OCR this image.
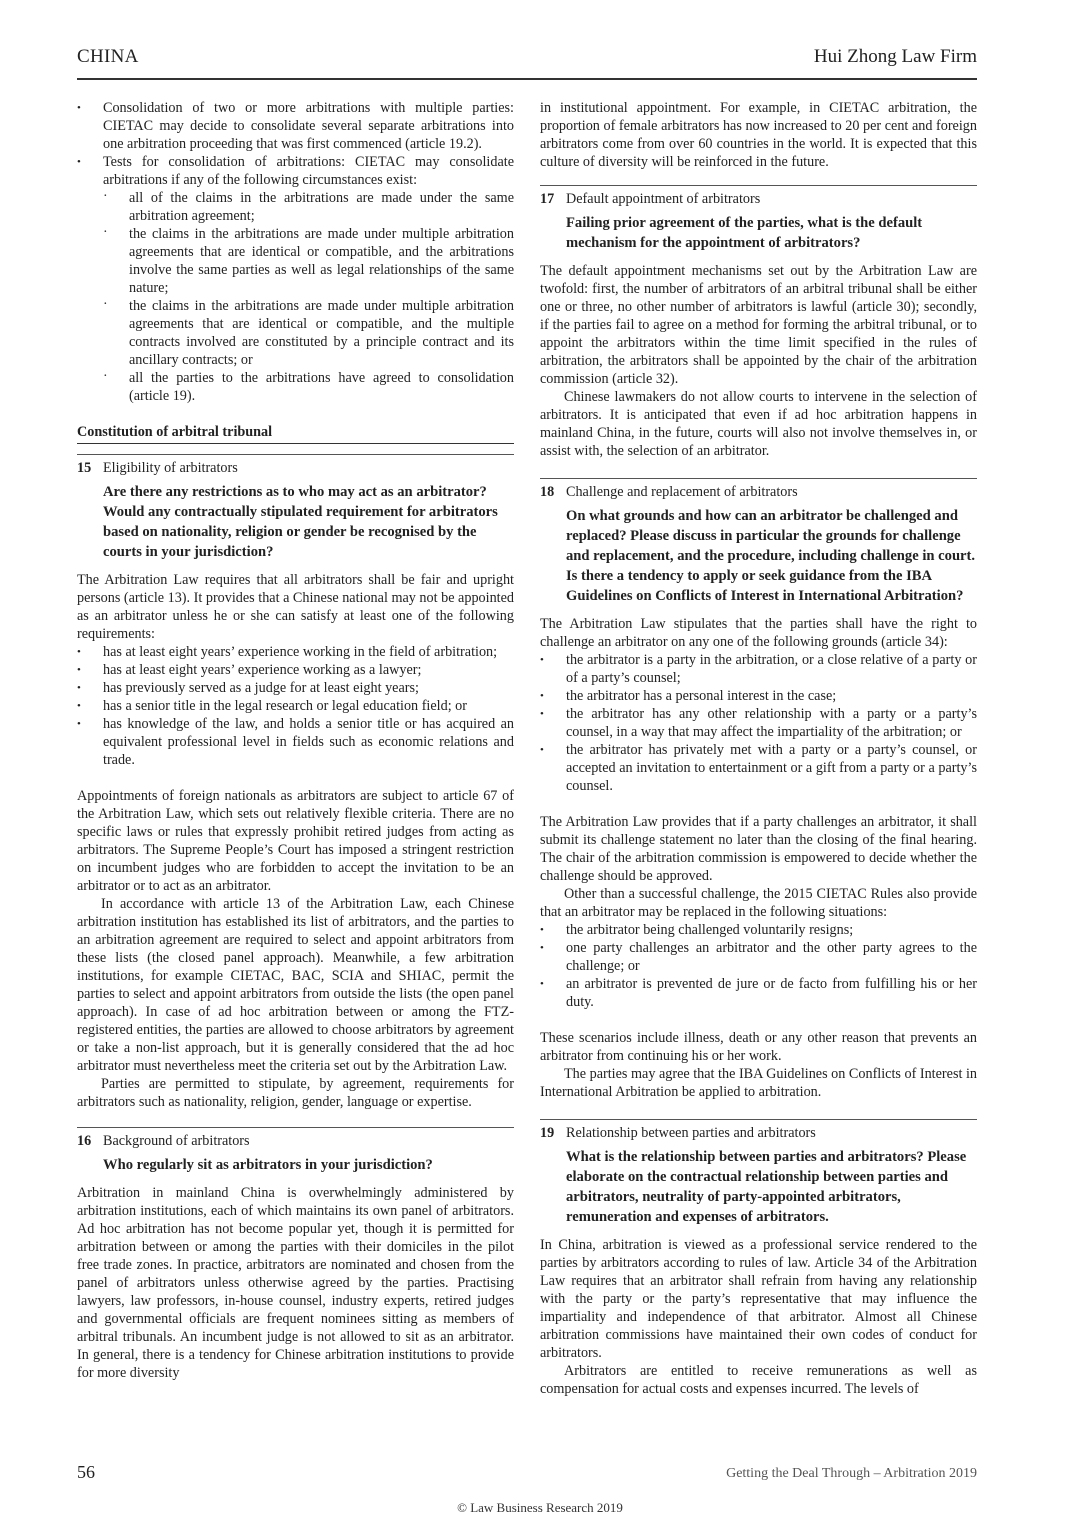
CHINA	Hui Zhong Law Firm
• Consolidation of two or more arbitrations with multiple parties: CIETAC may decide to consolidate several separate arbitrations into one arbitration proceeding that was first commenced (article 19.2).
• Tests for consolidation of arbitrations: CIETAC may consolidate arbitrations if any of the following circumstances exist:
· all of the claims in the arbitrations are made under the same arbitration agreement;
· the claims in the arbitrations are made under multiple arbitration agreements that are identical or compatible, and the arbitrations involve the same parties as well as legal relationships of the same nature;
· the claims in the arbitrations are made under multiple arbitration agreements that are identical or compatible, and the multiple contracts involved are constituted by a principle contract and its ancillary contracts; or
· all the parties to the arbitrations have agreed to consolidation (article 19).
Constitution of arbitral tribunal
15 Eligibility of arbitrators
Are there any restrictions as to who may act as an arbitrator? Would any contractually stipulated requirement for arbitrators based on nationality, religion or gender be recognised by the courts in your jurisdiction?

The Arbitration Law requires that all arbitrators shall be fair and upright persons (article 13). It provides that a Chinese national may not be appointed as an arbitrator unless he or she can satisfy at least one of the following requirements:

• has at least eight years’ experience working in the field of arbitration;
• has at least eight years’ experience working as a lawyer;
• has previously served as a judge for at least eight years;
• has a senior title in the legal research or legal education field; or
• has knowledge of the law, and holds a senior title or has acquired an equivalent professional level in fields such as economic relations and trade.

Appointments of foreign nationals as arbitrators are subject to article 67 of the Arbitration Law, which sets out relatively flexible criteria. There are no specific laws or rules that expressly prohibit retired judges from acting as arbitrators. The Supreme People’s Court has imposed a stringent restriction on incumbent judges who are forbidden to accept the invitation to be an arbitrator or to act as an arbitrator.

In accordance with article 13 of the Arbitration Law, each Chinese arbitration institution has established its list of arbitrators, and the parties to an arbitration agreement are required to select and appoint arbitrators from these lists (the closed panel approach). Meanwhile, a few arbitration institutions, for example CIETAC, BAC, SCIA and SHIAC, permit the parties to select and appoint arbitrators from outside the lists (the open panel approach). In case of ad hoc arbitration between or among the FTZ-registered entities, the parties are allowed to choose arbitrators by agreement or take a non-list approach, but it is generally considered that the ad hoc arbitrator must nevertheless meet the criteria set out by the Arbitration Law.

Parties are permitted to stipulate, by agreement, requirements for arbitrators such as nationality, religion, gender, language or expertise.

16 Background of arbitrators
Who regularly sit as arbitrators in your jurisdiction?

Arbitration in mainland China is overwhelmingly administered by arbitration institutions, each of which maintains its own panel of arbitrators. Ad hoc arbitration has not become popular yet, though it is permitted for arbitration between or among the parties with their domiciles in the pilot free trade zones. In practice, arbitrators are nominated and chosen from the panel of arbitrators unless otherwise agreed by the parties. Practising lawyers, law professors, in-house counsel, industry experts, retired judges and governmental officials are frequent nominees sitting as members of arbitral tribunals. An incumbent judge is not allowed to sit as an arbitrator. In general, there is a tendency for Chinese arbitration institutions to provide for more diversity

in institutional appointment. For example, in CIETAC arbitration, the proportion of female arbitrators has now increased to 20 per cent and foreign arbitrators come from over 60 countries in the world. It is expected that this culture of diversity will be reinforced in the future.

17 Default appointment of arbitrators
Failing prior agreement of the parties, what is the default mechanism for the appointment of arbitrators?

The default appointment mechanisms set out by the Arbitration Law are twofold: first, the number of arbitrators of an arbitral tribunal shall be either one or three, no other number of arbitrators is lawful (article 30); secondly, if the parties fail to agree on a method for forming the arbitral tribunal, or to appoint the arbitrators within the time limit specified in the rules of arbitration, the arbitrators shall be appointed by the chair of the arbitration commission (article 32).

Chinese lawmakers do not allow courts to intervene in the selection of arbitrators. It is anticipated that even if ad hoc arbitration happens in mainland China, in the future, courts will also not involve themselves in, or assist with, the selection of an arbitrator.

18 Challenge and replacement of arbitrators
On what grounds and how can an arbitrator be challenged and replaced? Please discuss in particular the grounds for challenge and replacement, and the procedure, including challenge in court. Is there a tendency to apply or seek guidance from the IBA Guidelines on Conflicts of Interest in International Arbitration?

The Arbitration Law stipulates that the parties shall have the right to challenge an arbitrator on any one of the following grounds (article 34):

• the arbitrator is a party in the arbitration, or a close relative of a party or of a party’s counsel;
• the arbitrator has a personal interest in the case;
• the arbitrator has any other relationship with a party or a party’s counsel, in a way that may affect the impartiality of the arbitration; or
• the arbitrator has privately met with a party or a party’s counsel, or accepted an invitation to entertainment or a gift from a party or a party’s counsel.

The Arbitration Law provides that if a party challenges an arbitrator, it shall submit its challenge statement no later than the closing of the final hearing. The chair of the arbitration commission is empowered to decide whether the challenge should be approved.

Other than a successful challenge, the 2015 CIETAC Rules also provide that an arbitrator may be replaced in the following situations:

• the arbitrator being challenged voluntarily resigns;
• one party challenges an arbitrator and the other party agrees to the challenge; or
• an arbitrator is prevented de jure or de facto from fulfilling his or her duty.

These scenarios include illness, death or any other reason that prevents an arbitrator from continuing his or her work.

The parties may agree that the IBA Guidelines on Conflicts of Interest in International Arbitration be applied to arbitration.

19 Relationship between parties and arbitrators
What is the relationship between parties and arbitrators? Please elaborate on the contractual relationship between parties and arbitrators, neutrality of party-appointed arbitrators, remuneration and expenses of arbitrators.

In China, arbitration is viewed as a professional service rendered to the parties by arbitrators according to rules of law. Article 34 of the Arbitration Law requires that an arbitrator shall refrain from having any relationship with the party or the party’s representative that may influence the impartiality and independence of that arbitrator. Almost all Chinese arbitration commissions have maintained their own codes of conduct for arbitrators.

Arbitrators are entitled to receive remunerations as well as compensation for actual costs and expenses incurred. The levels of

56	Getting the Deal Through – Arbitration 2019
© Law Business Research 2019
